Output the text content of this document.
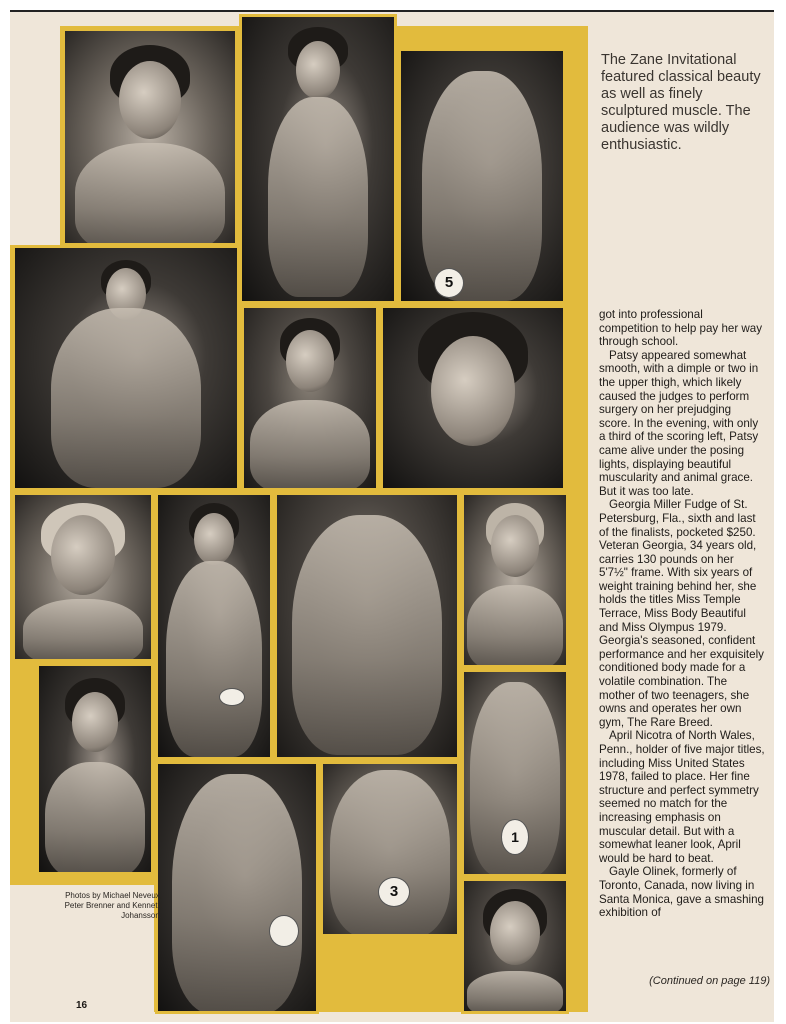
5
1
3
The Zane Invitational featured classical beauty as well as finely sculptured muscle. The audience was wildly enthusiastic.

got into professional competition to help pay her way through school.

Patsy appeared somewhat smooth, with a dimple or two in the upper thigh, which likely caused the judges to perform surgery on her prejudging score. In the evening, with only a third of the scoring left, Patsy came alive under the posing lights, displaying beautiful muscularity and animal grace. But it was too late.

Georgia Miller Fudge of St. Petersburg, Fla., sixth and last of the finalists, pocketed $250. Veteran Georgia, 34 years old, carries 130 pounds on her 5'7½" frame. With six years of weight training behind her, she holds the titles Miss Temple Terrace, Miss Body Beautiful and Miss Olympus 1979. Georgia's seasoned, confident performance and her exquisitely conditioned body made for a volatile combination. The mother of two teenagers, she owns and operates her own gym, The Rare Breed.

April Nicotra of North Wales, Penn., holder of five major titles, including Miss United States 1978, failed to place. Her fine structure and perfect symmetry seemed no match for the increasing emphasis on muscular detail. But with a somewhat leaner look, April would be hard to beat.

Gayle Olinek, formerly of Toronto, Canada, now living in Santa Monica, gave a smashing exhibition of

(Continued on page 119)
Photos by Michael Neveux, Peter Brenner and Kenneth Johansson.
16
